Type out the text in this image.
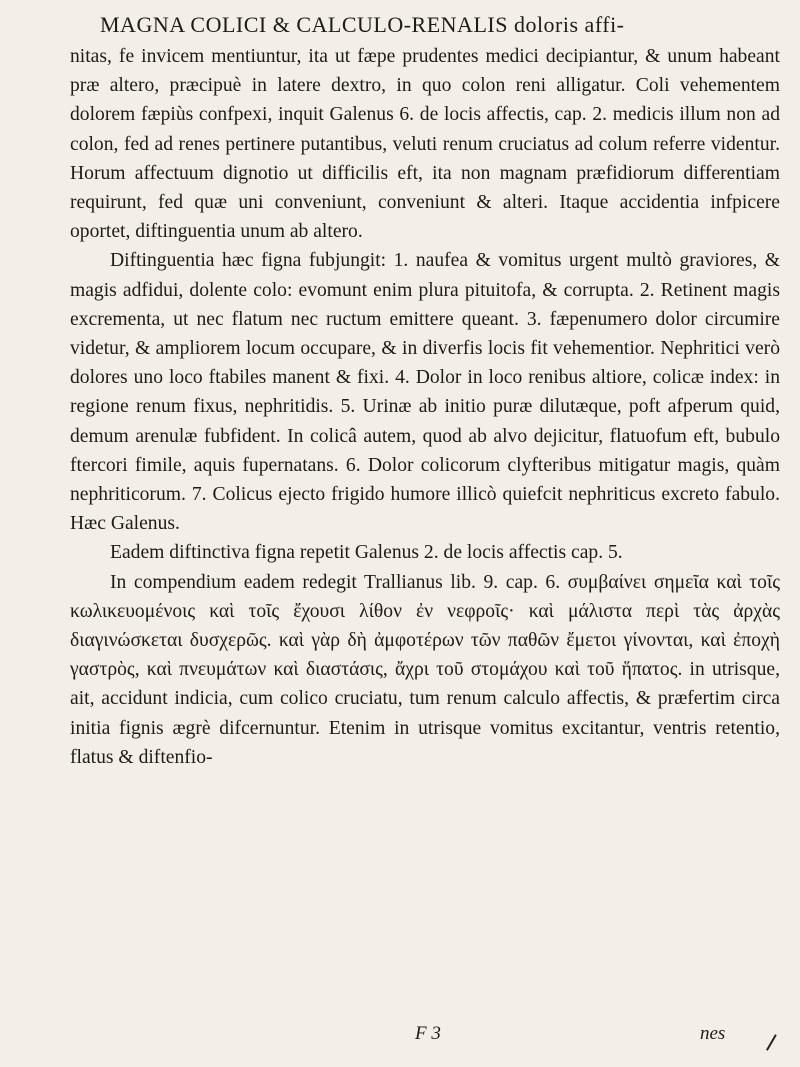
MAGNA COLICI & CALCULO-RENALIS doloris affi-

nitas, fe invicem mentiuntur, ita ut fæpe prudentes medici decipiantur, & unum habeant præ altero, præcipuè in latere dextro, in quo colon reni alligatur. Coli vehementem dolorem fæpiùs confpexi, inquit Galenus 6. de locis affectis, cap. 2. medicis illum non ad colon, fed ad renes pertinere putantibus, veluti renum cruciatus ad colum referre videntur. Horum affectuum dignotio ut difficilis eft, ita non magnam præfidiorum differentiam requirunt, fed quæ uni conveniunt, conveniunt & alteri. Itaque accidentia infpicere oportet, diftinguentia unum ab altero.

Diftinguentia hæc figna fubjungit: 1. naufea & vomitus urgent multò graviores, & magis adfidui, dolente colo: evomunt enim plura pituitofa, & corrupta. 2. Retinent magis excrementa, ut nec flatum nec ructum emittere queant. 3. fæpenumero dolor circumire videtur, & ampliorem locum occupare, & in diverfis locis fit vehementior. Nephritici verò dolores uno loco ftabiles manent & fixi. 4. Dolor in loco renibus altiore, colicæ index: in regione renum fixus, nephritidis. 5. Urinæ ab initio puræ dilutæque, poft afperum quid, demum arenulæ fubfident. In colicâ autem, quod ab alvo dejicitur, flatuofum eft, bubulo ftercori fimile, aquis fupernatans. 6. Dolor colicorum clyfteribus mitigatur magis, quàm nephriticorum. 7. Colicus ejecto frigido humore illicò quiefcit nephriticus excreto fabulo. Hæc Galenus.

Eadem diftinctiva figna repetit Galenus 2. de locis affectis cap. 5.

In compendium eadem redegit Trallianus lib. 9. cap. 6. συμβαίνει σημεῖα καὶ τοῖς κωλικευομένοις καὶ τοῖς ἔχουσι λίθον ἐν νεφροῖς· καὶ μάλιστα περὶ τὰς ἀρχὰς διαγινώσκεται δυσχερῶς. καὶ γὰρ δὴ ἀμφοτέρων τῶν παθῶν ἔμετοι γίνονται, καὶ ἐποχὴ γαστρὸς, καὶ πνευμάτων καὶ διαστάσις, ἄχρι τοῦ στομάχου καὶ τοῦ ἥπατος. in utrisque, ait, accidunt indicia, cum colico cruciatu, tum renum calculo affectis, & præfertim circa initia fignis ægrè difcernuntur. Etenim in utrisque vomitus excitantur, ventris retentio, flatus & diftenfio-

F 3	nes
